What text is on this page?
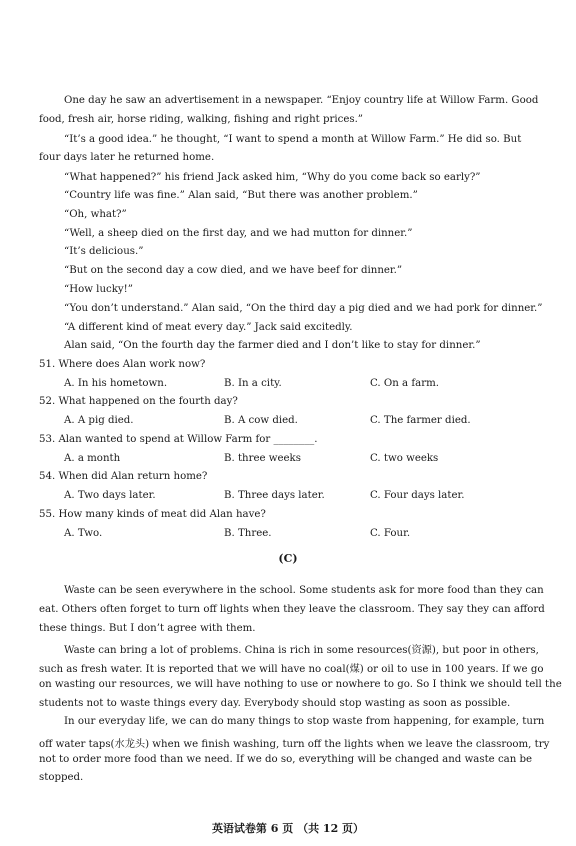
One day he saw an advertisement in a newspaper. “Enjoy country life at Willow Farm. Good
food, fresh air, horse riding, walking, fishing and right prices.”
“It’s a good idea.” he thought, “I want to spend a month at Willow Farm.” He did so. But
four days later he returned home.
“What happened?” his friend Jack asked him, “Why do you come back so early?”
“Country life was fine.” Alan said, “But there was another problem.”
“Oh, what?”
“Well, a sheep died on the first day, and we had mutton for dinner.”
“It’s delicious.”
“But on the second day a cow died, and we have beef for dinner.”
“How lucky!”
“You don’t understand.” Alan said, “On the third day a pig died and we had pork for dinner.”
“A different kind of meat every day.” Jack said excitedly.
Alan said, “On the fourth day the farmer died and I don’t like to stay for dinner.”
51. Where does Alan work now?
A. In his hometown.	B. In a city.	C. On a farm.
52. What happened on the fourth day?
A. A pig died.	B. A cow died.	C. The farmer died.
53. Alan wanted to spend at Willow Farm for ________.
A. a month	B. three weeks	C. two weeks
54. When did Alan return home?
A. Two days later.	B. Three days later.	C. Four days later.
55. How many kinds of meat did Alan have?
A. Two.	B. Three.	C. Four.
(C)
Waste can be seen everywhere in the school. Some students ask for more food than they can
eat. Others often forget to turn off lights when they leave the classroom. They say they can afford
these things. But I don’t agree with them.
Waste can bring a lot of problems. China is rich in some resources(资源), but poor in others,
such as fresh water. It is reported that we will have no coal(煤) or oil to use in 100 years. If we go
on wasting our resources, we will have nothing to use or nowhere to go. So I think we should tell the
students not to waste things every day. Everybody should stop wasting as soon as possible.
In our everyday life, we can do many things to stop waste from happening, for example, turn
off water taps(水龙头) when we finish washing, turn off the lights when we leave the classroom, try
not to order more food than we need. If we do so, everything will be changed and waste can be
stopped.
英语试卷第 6 页 （共 12 页）
